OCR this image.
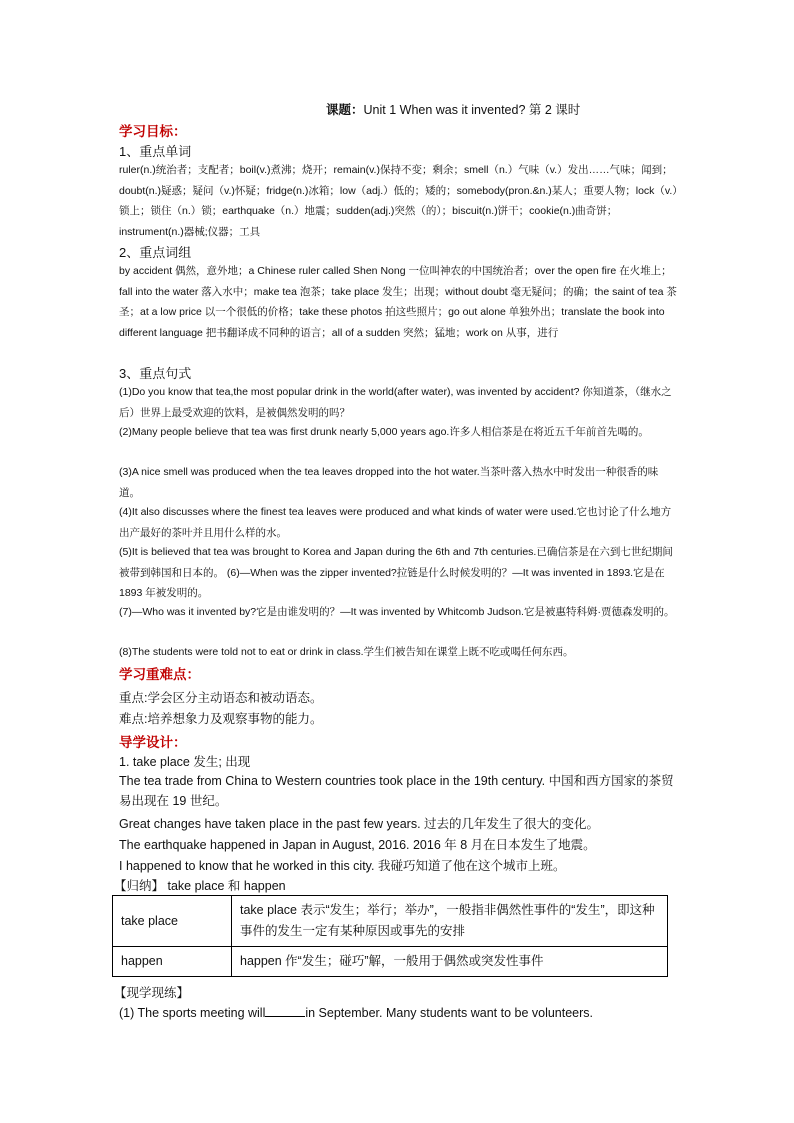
课题：Unit 1 When was it invented? 第 2 课时
学习目标：
1、重点单词

ruler(n.)统治者；支配者；boil(v.)煮沸；烧开；remain(v.)保持不变；剩余；smell（n.）气味（v.）发出……气味；闻到；doubt(n.)疑惑；疑问（v.)怀疑；fridge(n.)冰箱；low（adj.）低的；矮的；somebody(pron.&n.)某人；重要人物；lock（v.）锁上；锁住（n.）锁；earthquake（n.）地震；sudden(adj.)突然（的）；biscuit(n.)饼干；cookie(n.)曲奇饼；instrument(n.)器械;仪器；工具

2、重点词组

by accident 偶然，意外地；a Chinese ruler called Shen Nong 一位叫神农的中国统治者；over the open fire 在火堆上；fall into the water 落入水中；make tea 泡茶；take place 发生；出现；without doubt 毫无疑问；的确；the saint of tea 茶圣；at a low price 以一个很低的价格；take these photos 拍这些照片；go out alone 单独外出；translate the book into different language 把书翻译成不同种的语言；all of a sudden 突然；猛地；work on 从事，进行

3、重点句式

(1)Do you know that tea,the most popular drink in the world(after water), was invented by accident? 你知道茶，（继水之后）世界上最受欢迎的饮料，是被偶然发明的吗？

(2)Many people believe that tea was first drunk nearly 5,000 years ago.许多人相信茶是在将近五千年前首先喝的。

(3)A nice smell was produced when the tea leaves dropped into the hot water.当茶叶落入热水中时发出一种很香的味道。

(4)It also discusses where the finest tea leaves were produced and what kinds of water were used.它也讨论了什么地方出产最好的茶叶并且用什么样的水。

(5)It is believed that tea was brought to Korea and Japan during the 6th and 7th centuries.已确信茶是在六到七世纪期间被带到韩国和日本的。 (6)—When was the zipper invented?拉链是什么时候发明的？—It was invented in 1893.它是在 1893 年被发明的。

(7)—Who was it invented by?它是由谁发明的？—It was invented by Whitcomb Judson.它是被惠特科姆·贾德森发明的。

(8)The students were told not to eat or drink in class.学生们被告知在课堂上既不吃或喝任何东西。

学习重难点：
重点:学会区分主动语态和被动语态。
难点:培养想象力及观察事物的能力。
导学设计：
1. take place 发生; 出现

The tea trade from China to Western countries took place in the 19th century. 中国和西方国家的茶贸易出现在 19 世纪。

Great changes have taken place in the past few years. 过去的几年发生了很大的变化。
The earthquake happened in Japan in August, 2016. 2016 年 8 月在日本发生了地震。
I happened to know that he worked in this city. 我碰巧知道了他在这个城市上班。
【归纳】 take place 和 happen
take place	take place 表示“发生；举行；举办”，一般指非偶然性事件的“发生”，即这种事件的发生一定有某种原因或事先的安排
happen	happen 作“发生；碰巧”解，一般用于偶然或突发性事件
【现学现练】
(1) The sports meeting will	in September. Many students want to be volunteers.
